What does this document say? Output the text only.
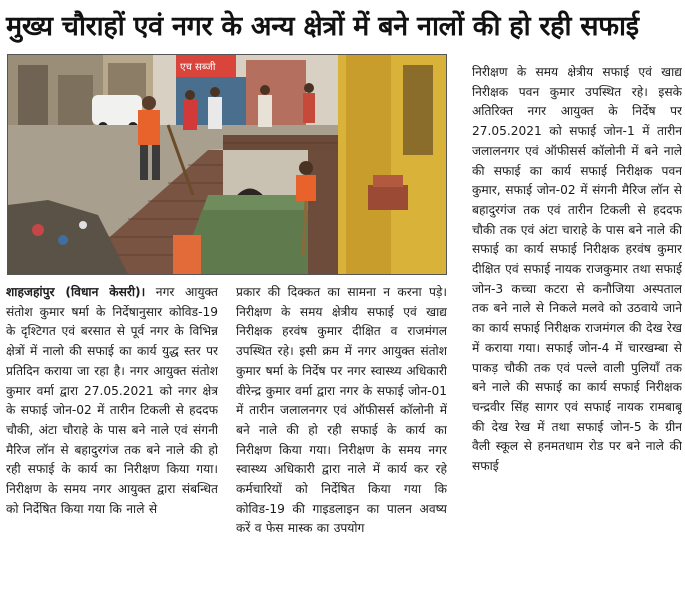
मुख्य चौराहों एवं नगर के अन्य क्षेत्रों में बने नालों की हो रही सफाई
एच सब्जी

शाहजहांपुर (विधान केसरी)। नगर आयुक्त संतोश कुमार षर्मा के निर्देषानुसार कोविड-19 के दृश्टिगत एवं बरसात से पूर्व नगर के विभिन्न क्षेत्रों में नालो की सफाई का कार्य युद्ध स्तर पर प्रतिदिन कराया जा रहा है। नगर आयुक्त संतोश कुमार वर्मा द्वारा 27.05.2021 को नगर क्षेत्र के सफाई जोन-02 में तारीन टिकली से हददफ चौकी, अंटा चौराहे के पास बने नाले एवं संगनी मैरिज लॉन से बहादुरगंज तक बने नाले की हो रही सफाई के कार्य का निरीक्षण किया गया। निरीक्षण के समय नगर आयुक्त द्वारा संबन्धित को निर्देषित किया गया कि नाले से

प्रकार की दिक्कत का सामना न करना पड़े। निरीक्षण के समय क्षेत्रीय सफाई एवं खाद्य निरीक्षक हरवंष कुमार दीक्षित व राजमंगल उपस्थित रहे। इसी क्रम में नगर आयुक्त संतोश कुमार षर्मा के निर्देष पर नगर स्वास्थ्य अधिकारी वीरेन्द्र कुमार वर्मा द्वारा नगर के सफाई जोन-01 में तारीन जलालनगर एवं ऑफीसर्स कॉलोनी में बने नाले की हो रही सफाई के कार्य का निरीक्षण किया गया। निरीक्षण के समय नगर स्वास्थ्य अधिकारी द्वारा नाले में कार्य कर रहे कर्मचारियों को निर्देषित किया गया कि कोविड-19 की गाइडलाइन का पालन अवष्य करें व फेस मास्क का उपयोग

निरीक्षण के समय क्षेत्रीय सफाई एवं खाद्य निरीक्षक पवन कुमार उपस्थित रहे। इसके अतिरिक्त नगर आयुक्त के निर्देष पर 27.05.2021 को सफाई जोन-1 में तारीन जलालनगर एवं ऑफीसर्स कॉलोनी में बने नाले की सफाई का कार्य सफाई निरीक्षक पवन कुमार, सफाई जोन-02 में संगनी मैरिज लॉन से बहादुरगंज तक एवं तारीन टिकली से हददफ चौकी तक एवं अंटा चाराहे के पास बने नाले की सफाई का कार्य सफाई निरीक्षक हरवंष कुमार दीक्षित एवं सफाई नायक राजकुमार तथा सफाई जोन-3 कच्चा कटरा से कनौजिया अस्पताल तक बने नाले से निकले मलवे को उठवाये जाने का कार्य सफाई निरीक्षक राजमंगल की देख रेख में कराया गया। सफाई जोन-4 में चारखम्बा से पाकड़ चौकी तक एवं पल्ले वाली पुलियाँ तक बने नाले की सफाई का कार्य सफाई निरीक्षक चन्द्रवीर सिंह सागर एवं सफाई नायक रामबाबू की देख रेख में तथा सफाई जोन-5 के ग्रीन वैली स्कूल से हनमतधाम रोड पर बने नाले की सफाई
